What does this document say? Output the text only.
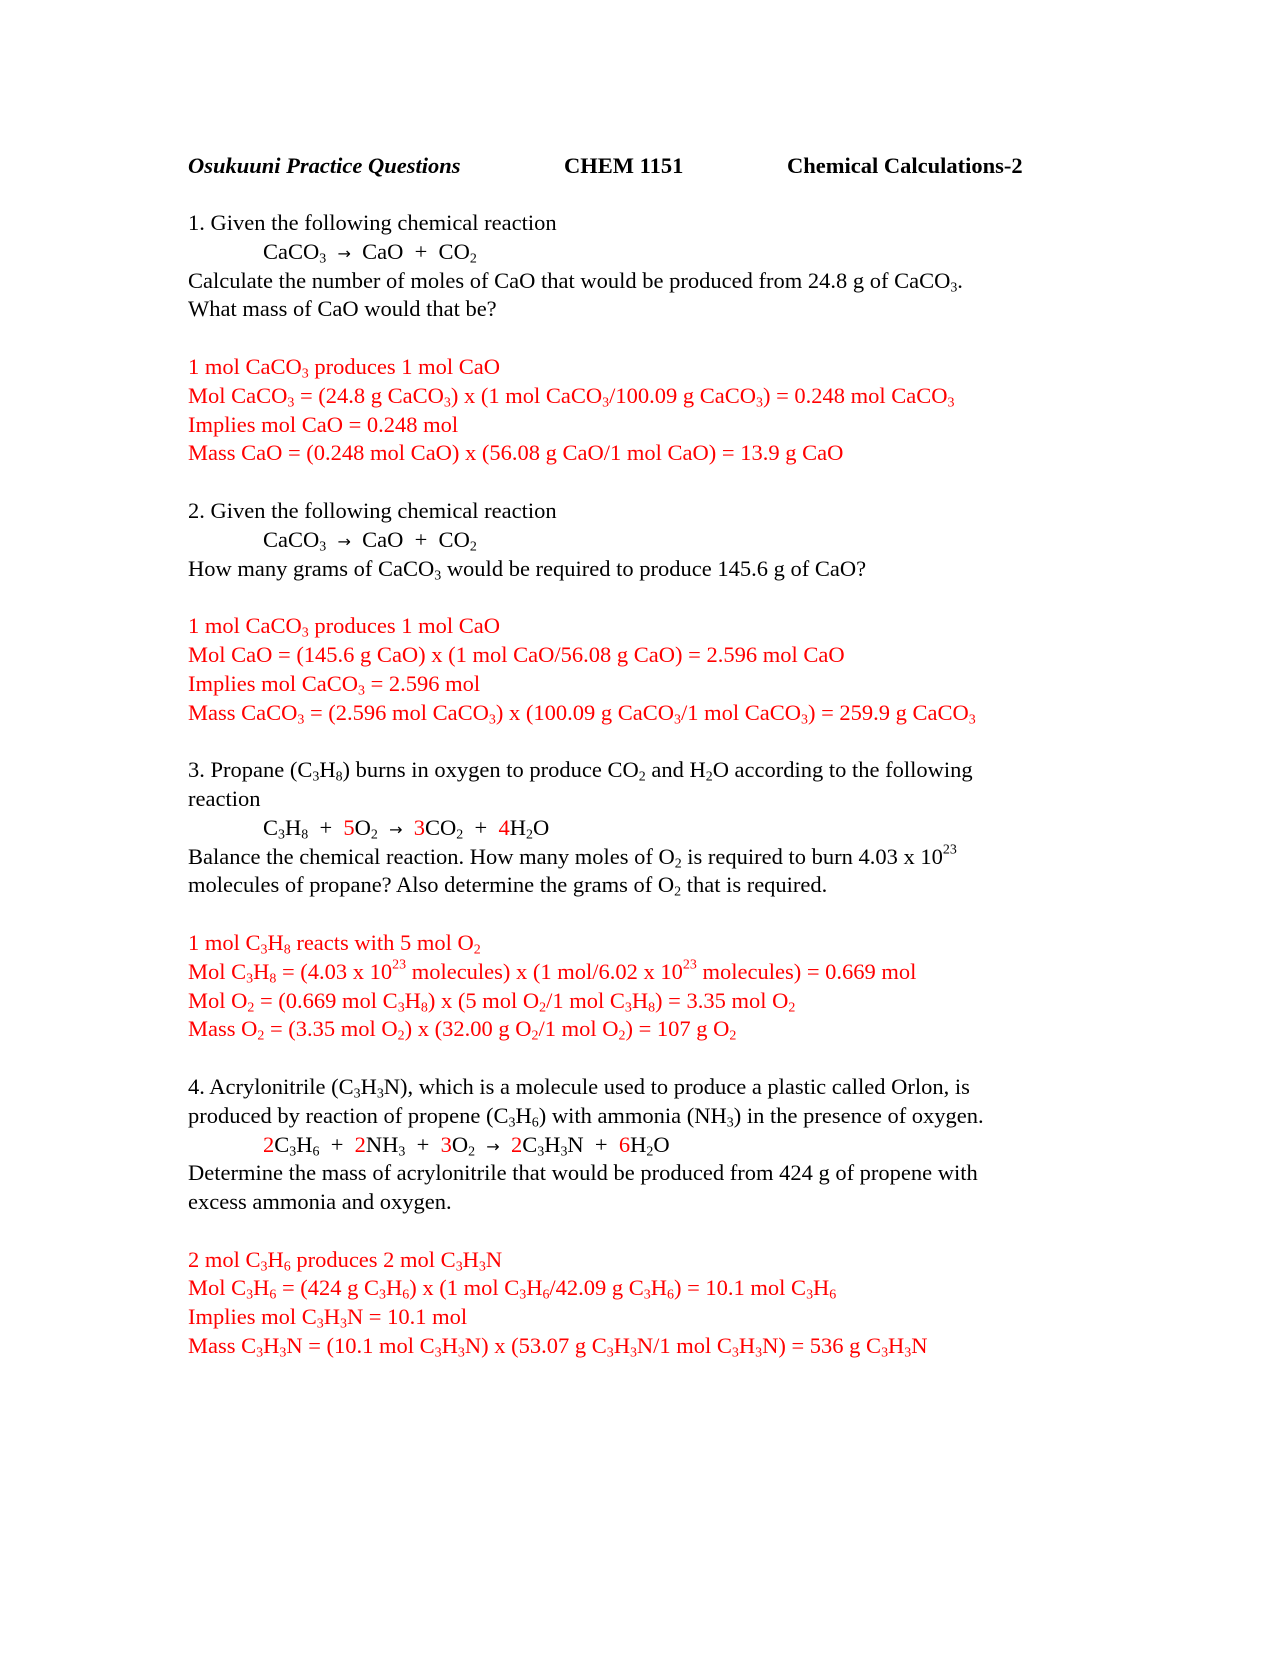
Osukuuni Practice Questions	CHEM 1151	Chemical Calculations-2
1. Given the following chemical reaction
CaCO$_3$ →  CaO  +  $CO_2$
Calculate the number of moles of CaO that would be produced from 24.8 g of CaCO$_3$.
What mass of CaO would that be?
1 mol CaCO$_3$ produces 1 mol CaO
Mol CaCO$_3$ = (24.8 g CaCO$_3$) x (1 mol CaCO$_3$/100.09 g CaCO$_3$) = 0.248 mol CaCO$_3$
Implies mol CaO = 0.248 mol
Mass CaO = (0.248 mol CaO) x (56.08 g CaO/1 mol CaO) = 13.9 g CaO
2. Given the following chemical reaction
CaCO$_3$ →  CaO  +  $CO_2$
How many grams of CaCO$_3$ would be required to produce 145.6 g of CaO?
1 mol CaCO$_3$ produces 1 mol CaO
Mol CaO = (145.6 g CaO) x (1 mol CaO/56.08 g CaO) = 2.596 mol CaO
Implies mol CaCO$_3$ = 2.596 mol
Mass CaCO$_3$ = (2.596 mol CaCO$_3$) x (100.09 g CaCO$_3$/1 mol CaCO$_3$) = 259.9 g CaCO$_3$
3. Propane $(C_3H_8)$ burns in oxygen to produce $CO_2$ and $H_2O$ according to the following
reaction
$C_3H_8 + 5O_2 \to 3CO_2 + 4H_2O$
Balance the chemical reaction. How many moles of $O_2$ is required to burn 4.03 x $10^{23}$
molecules of propane? Also determine the grams of $O_2$ that is required.
1 mol $C_3H_8$ reacts with 5 mol $O_2$
Mol $C_3H_8 = (4.03$ x $10^{23}$ molecules) x (1 mol/6.02 x $10^{23}$ molecules) = 0.669 mol
Mol $O_2 = (0.669$ mol $C_3H_8$) x (5 mol $O_2/1$ mol $C_3H_8) = 3.35$ mol $O_2$
Mass $O_2 = (3.35$ mol $O_2$) x (32.00 g $O_2/1$ mol $O_2) = 107$ g $O_2$
4. Acrylonitrile $(C_3H_3N)$, which is a molecule used to produce a plastic called Orlon, is
produced by reaction of propene $(C_3H_6)$ with ammonia $(NH_3)$ in the presence of oxygen.
$2C_3H_6 + 2NH_3 + 3O_2 \to 2C_3H_3N + 6H_2O$
Determine the mass of acrylonitrile that would be produced from 424 g of propene with
excess ammonia and oxygen.
2 mol $C_3H_6$ produces 2 mol $C_3H_3N$
Mol $C_3H_6 = (424$ g $C_3H_6$) x (1 mol $C_3H_6/42.09$ g $C_3H_6) = 10.1$ mol $C_3H_6$
Implies mol $C_3H_3N = 10.1$ mol
Mass $C_3H_3N = (10.1$ mol $C_3H_3N$) x (53.07 g $C_3H_3N/1$ mol $C_3H_3N) = 536$ g $C_3H_3N$
